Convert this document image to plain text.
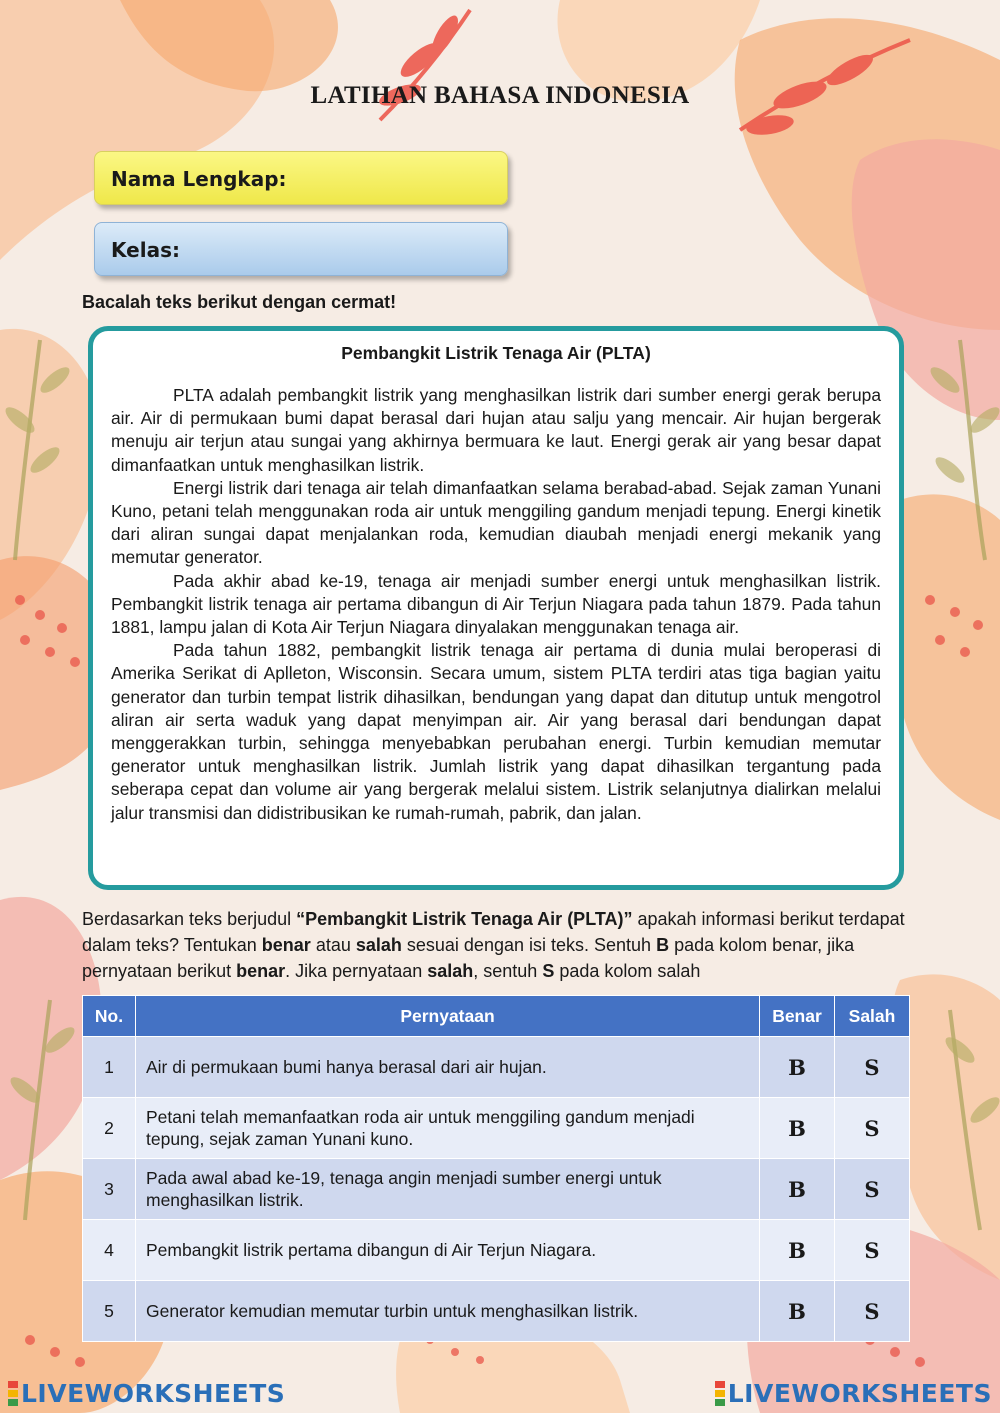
LATIHAN BAHASA INDONESIA
Nama Lengkap:
Kelas:
Bacalah teks berikut dengan cermat!
Pembangkit Listrik Tenaga Air (PLTA)

PLTA adalah pembangkit listrik yang menghasilkan listrik dari sumber energi gerak berupa air. Air di permukaan bumi dapat berasal dari hujan atau salju yang mencair. Air hujan bergerak menuju air terjun atau sungai yang akhirnya bermuara ke laut. Energi gerak air yang besar dapat dimanfaatkan untuk menghasilkan listrik.

Energi listrik dari tenaga air telah dimanfaatkan selama berabad-abad. Sejak zaman Yunani Kuno, petani telah menggunakan roda air untuk menggiling gandum menjadi tepung. Energi kinetik dari aliran sungai dapat menjalankan roda, kemudian diaubah menjadi energi mekanik yang memutar generator.

Pada akhir abad ke-19, tenaga air menjadi sumber energi untuk menghasilkan listrik. Pembangkit listrik tenaga air pertama dibangun di Air Terjun Niagara pada tahun 1879. Pada tahun 1881, lampu jalan di Kota Air Terjun Niagara dinyalakan menggunakan tenaga air.

Pada tahun 1882, pembangkit listrik tenaga air pertama di dunia mulai beroperasi di Amerika Serikat di Aplleton, Wisconsin. Secara umum, sistem PLTA terdiri atas tiga bagian yaitu generator dan turbin tempat listrik dihasilkan, bendungan yang dapat dan ditutup untuk mengotrol aliran air serta waduk yang dapat menyimpan air. Air yang berasal dari bendungan dapat menggerakkan turbin, sehingga menyebabkan perubahan energi. Turbin kemudian memutar generator untuk menghasilkan listrik. Jumlah listrik yang dapat dihasilkan tergantung pada seberapa cepat dan volume air yang bergerak melalui sistem. Listrik selanjutnya dialirkan melalui jalur transmisi dan didistribusikan ke rumah-rumah, pabrik, dan jalan.

Berdasarkan teks berjudul “Pembangkit Listrik Tenaga Air (PLTA)” apakah informasi berikut terdapat dalam teks? Tentukan benar atau salah sesuai dengan isi teks. Sentuh B pada kolom benar, jika pernyataan berikut benar. Jika pernyataan salah, sentuh S pada kolom salah
No.	Pernyataan	Benar	Salah
1	Air di permukaan bumi hanya berasal dari air hujan.	B	S
2	Petani telah memanfaatkan roda air untuk menggiling gandum menjadi tepung, sejak zaman Yunani kuno.	B	S
3	Pada awal abad ke-19, tenaga angin menjadi sumber energi untuk menghasilkan listrik.	B	S
4	Pembangkit listrik pertama dibangun di Air Terjun Niagara.	B	S
5	Generator kemudian memutar turbin untuk menghasilkan listrik.	B	S
LIVEWORKSHEETS	LIVEWORKSHEETS
